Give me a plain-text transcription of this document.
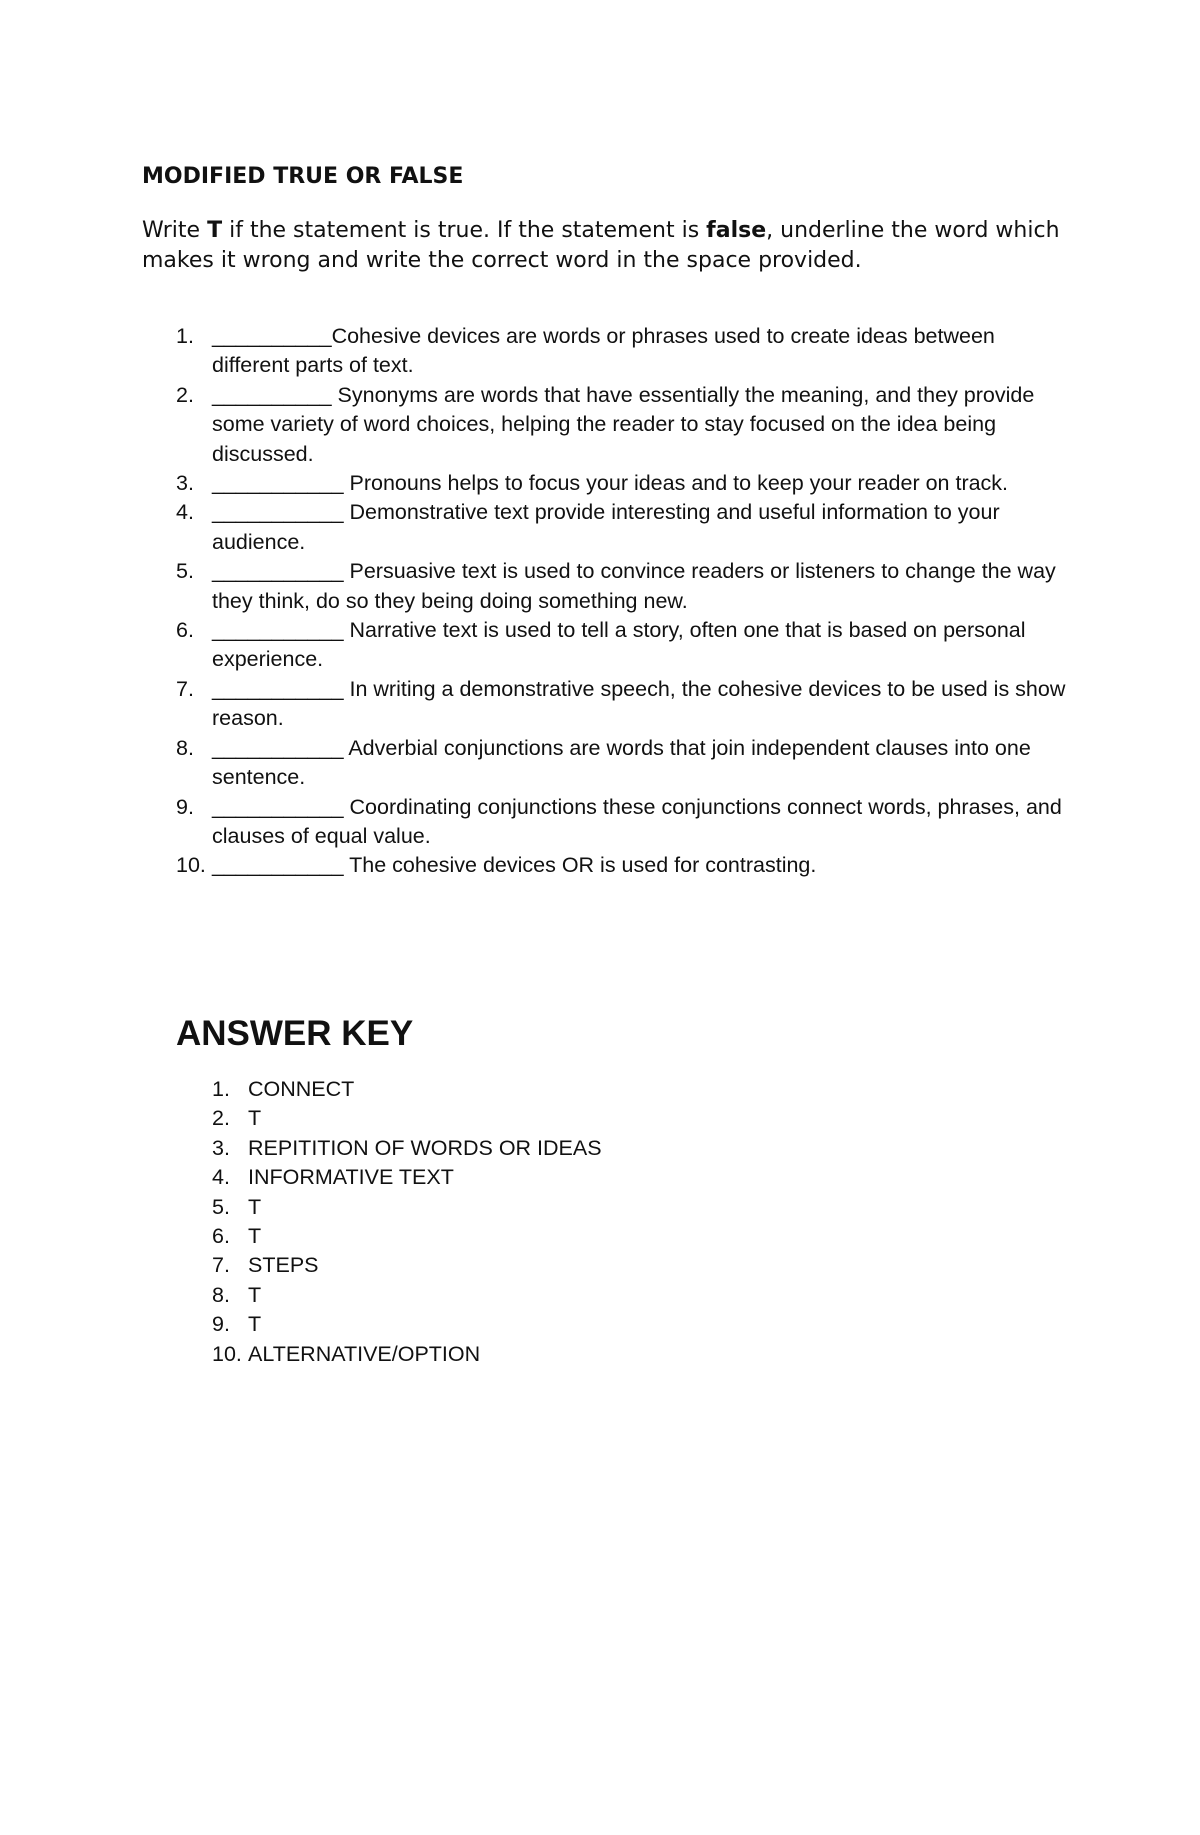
MODIFIED TRUE OR FALSE
Write T if the statement is true. If the statement is false, underline the word which makes it wrong and write the correct word in the space provided.
1. __________Cohesive devices are words or phrases used to create ideas between different parts of text.
2. __________ Synonyms are words that have essentially the meaning, and they provide some variety of word choices, helping the reader to stay focused on the idea being discussed.
3. ___________ Pronouns helps to focus your ideas and to keep your reader on track.
4. ___________ Demonstrative text provide interesting and useful information to your audience.
5. ___________ Persuasive text is used to convince readers or listeners to change the way they think, do so they being doing something new.
6. ___________ Narrative text is used to tell a story, often one that is based on personal experience.
7. ___________ In writing a demonstrative speech, the cohesive devices to be used is show reason.
8. ___________ Adverbial conjunctions are words that join independent clauses into one sentence.
9. ___________ Coordinating conjunctions these conjunctions connect words, phrases, and clauses of equal value.
10. ___________ The cohesive devices OR is used for contrasting.
ANSWER KEY
1. CONNECT
2. T
3. REPITITION OF WORDS OR IDEAS
4. INFORMATIVE TEXT
5. T
6. T
7. STEPS
8. T
9. T
10. ALTERNATIVE/OPTION
